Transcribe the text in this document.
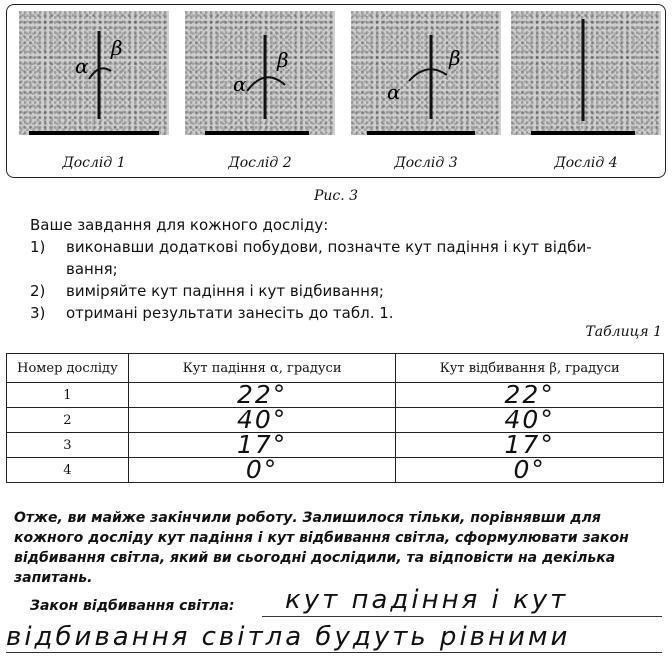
α
β
α
β
α
β
Дослід 1	Дослід 2	Дослід 3	Дослід 4
Рис. 3
Ваше завдання для кожного досліду:
1)	виконавши додаткові побудови, позначте кут падіння і кут відби-
вання;
2)	виміряйте кут падіння і кут відбивання;
3)	отримані результати занесіть до табл. 1.
Таблиця 1
Номер досліду	Кут падіння α, градуси	Кут відбивання β, градуси
1	22°	22°
2	40°	40°
3	17°	17°
4	0°	0°
Отже, ви майже закінчили роботу. Залишилося тільки, порівнявши для кожного досліду кут падіння і кут відбивання світла, сформулювати закон відбивання світла, який ви сьогодні дослідили, та відповісти на декілька запитань.
Закон відбивання світла: кут падіння і кут
відбивання світла будуть рівними
